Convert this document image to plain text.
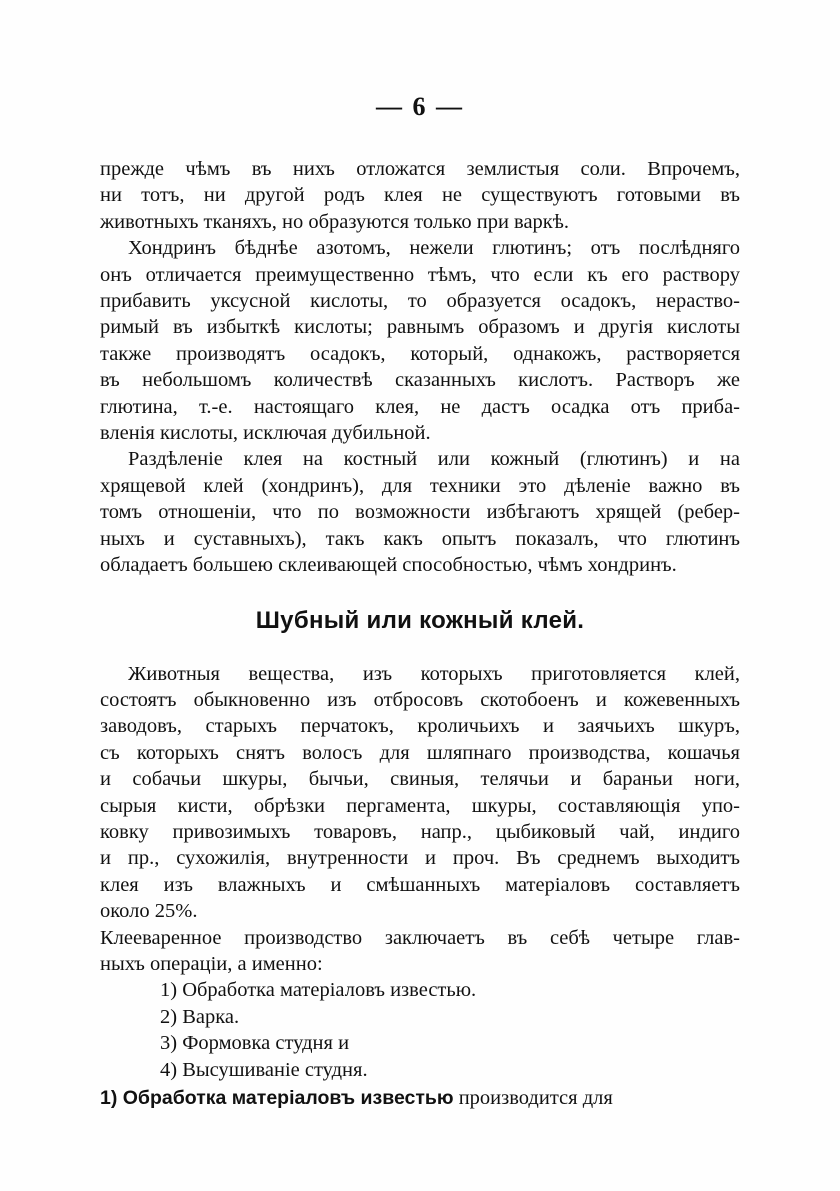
— 6 —

прежде чѣмъ въ нихъ отложатся землистыя соли. Впрочемъ,
ни тотъ, ни другой родъ клея не существуютъ готовыми въ
животныхъ тканяхъ, но образуются только при варкѣ.

Хондринъ бѣднѣе азотомъ, нежели глютинъ; отъ послѣдняго
онъ отличается преимущественно тѣмъ, что если къ его раствору
прибавить уксусной кислоты, то образуется осадокъ, нераство-
римый въ избыткѣ кислоты; равнымъ образомъ и другія кислоты
также производятъ осадокъ, который, однакожъ, растворяется
въ небольшомъ количествѣ сказанныхъ кислотъ. Растворъ же
глютина, т.-е. настоящаго клея, не дастъ осадка отъ приба-
вленія кислоты, исключая дубильной.

Раздѣленіе клея на костный или кожный (глютинъ) и на
хрящевой клей (хондринъ), для техники это дѣленіе важно въ
томъ отношеніи, что по возможности избѣгаютъ хрящей (ребер-
ныхъ и суставныхъ), такъ какъ опытъ показалъ, что глютинъ
обладаетъ большею склеивающей способностью, чѣмъ хондринъ.

Шубный или кожный клей.

Животныя вещества, изъ которыхъ приготовляется клей,
состоятъ обыкновенно изъ отбросовъ скотобоенъ и кожевенныхъ
заводовъ, старыхъ перчатокъ, кроличьихъ и заячьихъ шкуръ,
съ которыхъ снятъ волосъ для шляпнаго производства, кошачья
и собачьи шкуры, бычьи, свиныя, телячьи и бараньи ноги,
сырыя кисти, обрѣзки пергамента, шкуры, составляющія упо-
ковку привозимыхъ товаровъ, напр., цыбиковый чай, индиго
и пр., сухожилія, внутренности и проч. Въ среднемъ выходитъ
клея изъ влажныхъ и смѣшанныхъ матеріаловъ составляетъ
около 25%.

Клееваренное производство заключаетъ въ себѣ четыре глав-
ныхъ операціи, а именно:

1) Обработка матеріаловъ известью.
2) Варка.
3) Формовка студня и
4) Высушиваніе студня.
1) Обработка матеріаловъ известью производится для
